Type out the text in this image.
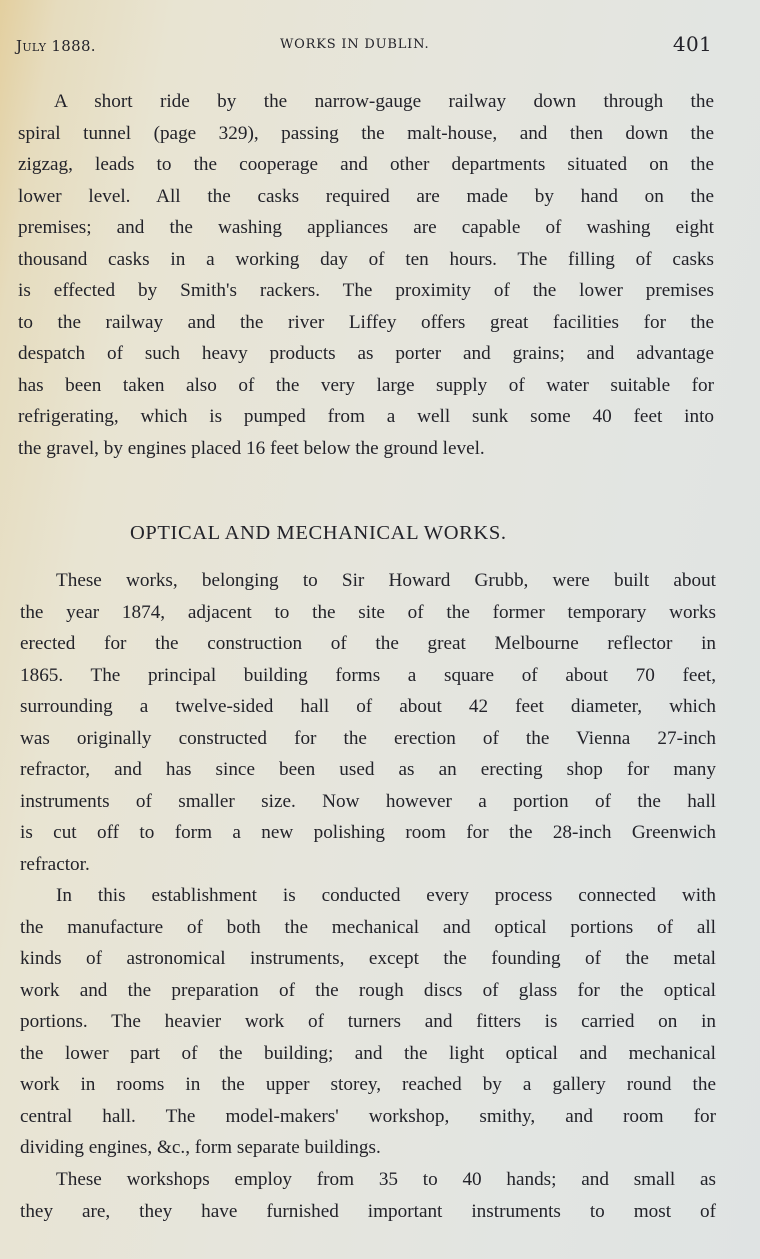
July 1888.	WORKS IN DUBLIN.	401
A short ride by the narrow-gauge railway down through the
spiral tunnel (page 329), passing the malt-house, and then down the
zigzag, leads to the cooperage and other departments situated on the
lower level. All the casks required are made by hand on the
premises; and the washing appliances are capable of washing eight
thousand casks in a working day of ten hours. The filling of casks
is effected by Smith's rackers. The proximity of the lower premises
to the railway and the river Liffey offers great facilities for the
despatch of such heavy products as porter and grains; and advantage
has been taken also of the very large supply of water suitable for
refrigerating, which is pumped from a well sunk some 40 feet into
the gravel, by engines placed 16 feet below the ground level.
OPTICAL AND MECHANICAL WORKS.
These works, belonging to Sir Howard Grubb, were built about
the year 1874, adjacent to the site of the former temporary works
erected for the construction of the great Melbourne reflector in
1865. The principal building forms a square of about 70 feet,
surrounding a twelve-sided hall of about 42 feet diameter, which
was originally constructed for the erection of the Vienna 27-inch
refractor, and has since been used as an erecting shop for many
instruments of smaller size. Now however a portion of the hall
is cut off to form a new polishing room for the 28-inch Greenwich
refractor.
In this establishment is conducted every process connected with
the manufacture of both the mechanical and optical portions of all
kinds of astronomical instruments, except the founding of the metal
work and the preparation of the rough discs of glass for the optical
portions. The heavier work of turners and fitters is carried on in
the lower part of the building; and the light optical and mechanical
work in rooms in the upper storey, reached by a gallery round the
central hall. The model-makers' workshop, smithy, and room for
dividing engines, &c., form separate buildings.
These workshops employ from 35 to 40 hands; and small as
they are, they have furnished important instruments to most of
